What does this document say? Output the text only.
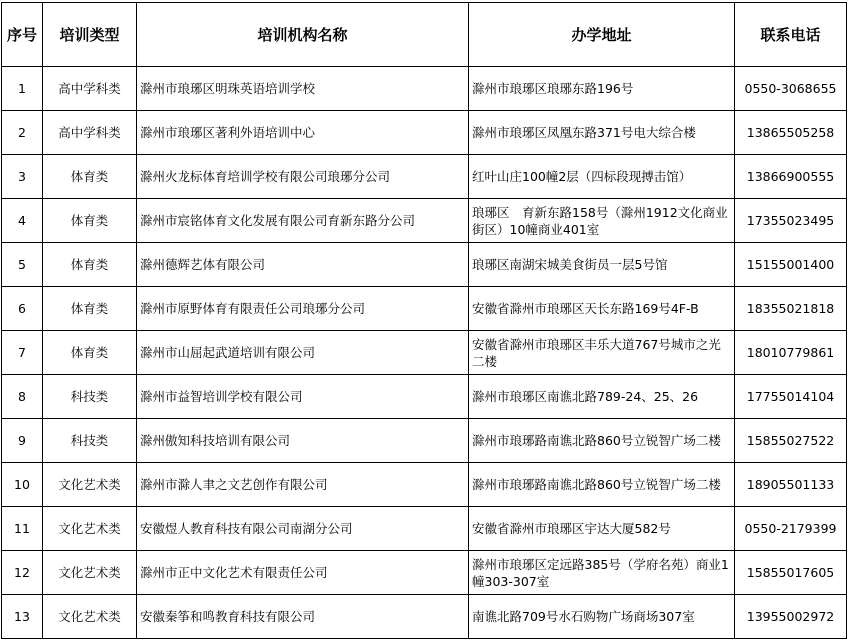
序号	培训类型	培训机构名称	办学地址	联系电话
1	高中学科类	滁州市琅琊区明珠英语培训学校	滁州市琅琊区琅琊东路196号	0550-3068655
2	高中学科类	滁州市琅琊区著利外语培训中心	滁州市琅琊区凤凰东路371号电大综合楼	13865505258
3	体育类	滁州火龙标体育培训学校有限公司琅琊分公司	红叶山庄100幢2层（四标段现搏击馆）	13866900555
4	体育类	滁州市宸铭体育文化发展有限公司育新东路分公司	琅琊区　育新东路158号（滁州1912文化商业街区）10幢商业401室	17355023495
5	体育类	滁州德辉艺体有限公司	琅琊区南湖宋城美食街员一层5号馆	15155001400
6	体育类	滁州市原野体育有限责任公司琅琊分公司	安徽省滁州市琅琊区天长东路169号4F-B	18355021818
7	体育类	滁州市山屈起武道培训有限公司	安徽省滁州市琅琊区丰乐大道767号城市之光二楼	18010779861
8	科技类	滁州市益智培训学校有限公司	滁州市琅琊区南谯北路789-24、25、26	17755014104
9	科技类	滁州傲知科技培训有限公司	滁州市琅琊路南谯北路860号立锐智广场二楼	15855027522
10	文化艺术类	滁州市滁人聿之文艺创作有限公司	滁州市琅琊路南谯北路860号立锐智广场二楼	18905501133
11	文化艺术类	安徽煜人教育科技有限公司南湖分公司	安徽省滁州市琅琊区宇达大厦582号	0550-2179399
12	文化艺术类	滁州市正中文化艺术有限责任公司	滁州市琅琊区定远路385号（学府名苑）商业1幢303-307室	15855017605
13	文化艺术类	安徽秦筝和鸣教育科技有限公司	南谯北路709号水石购物广场商场307室	13955002972
